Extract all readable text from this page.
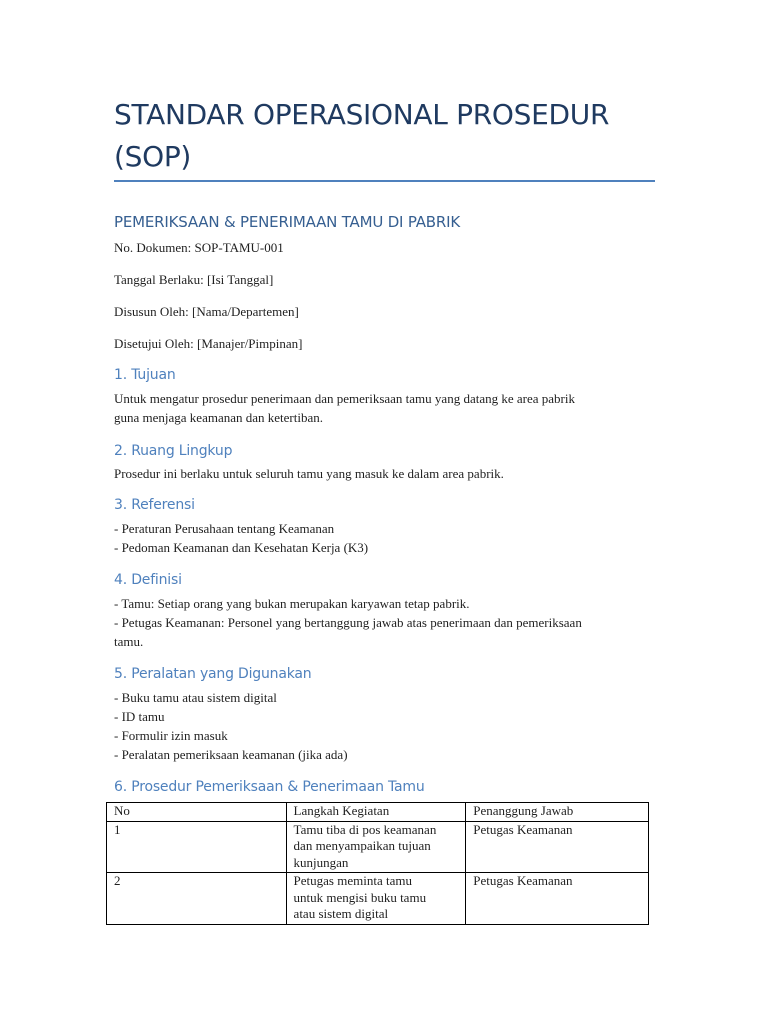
STANDAR OPERASIONAL PROSEDUR
(SOP)
PEMERIKSAAN & PENERIMAAN TAMU DI PABRIK

No. Dokumen: SOP-TAMU-001

Tanggal Berlaku: [Isi Tanggal]

Disusun Oleh: [Nama/Departemen]

Disetujui Oleh: [Manajer/Pimpinan]

1. Tujuan
Untuk mengatur prosedur penerimaan dan pemeriksaan tamu yang datang ke area pabrik
guna menjaga keamanan dan ketertiban.
2. Ruang Lingkup
Prosedur ini berlaku untuk seluruh tamu yang masuk ke dalam area pabrik.
3. Referensi
- Peraturan Perusahaan tentang Keamanan
- Pedoman Keamanan dan Kesehatan Kerja (K3)
4. Definisi
- Tamu: Setiap orang yang bukan merupakan karyawan tetap pabrik.
- Petugas Keamanan: Personel yang bertanggung jawab atas penerimaan dan pemeriksaan
tamu.
5. Peralatan yang Digunakan
- Buku tamu atau sistem digital
- ID tamu
- Formulir izin masuk
- Peralatan pemeriksaan keamanan (jika ada)
6. Prosedur Pemeriksaan & Penerimaan Tamu
No	Langkah Kegiatan	Penanggung Jawab
1	Tamu tiba di pos keamanan
dan menyampaikan tujuan
kunjungan	Petugas Keamanan
2	Petugas meminta tamu
untuk mengisi buku tamu
atau sistem digital	Petugas Keamanan
